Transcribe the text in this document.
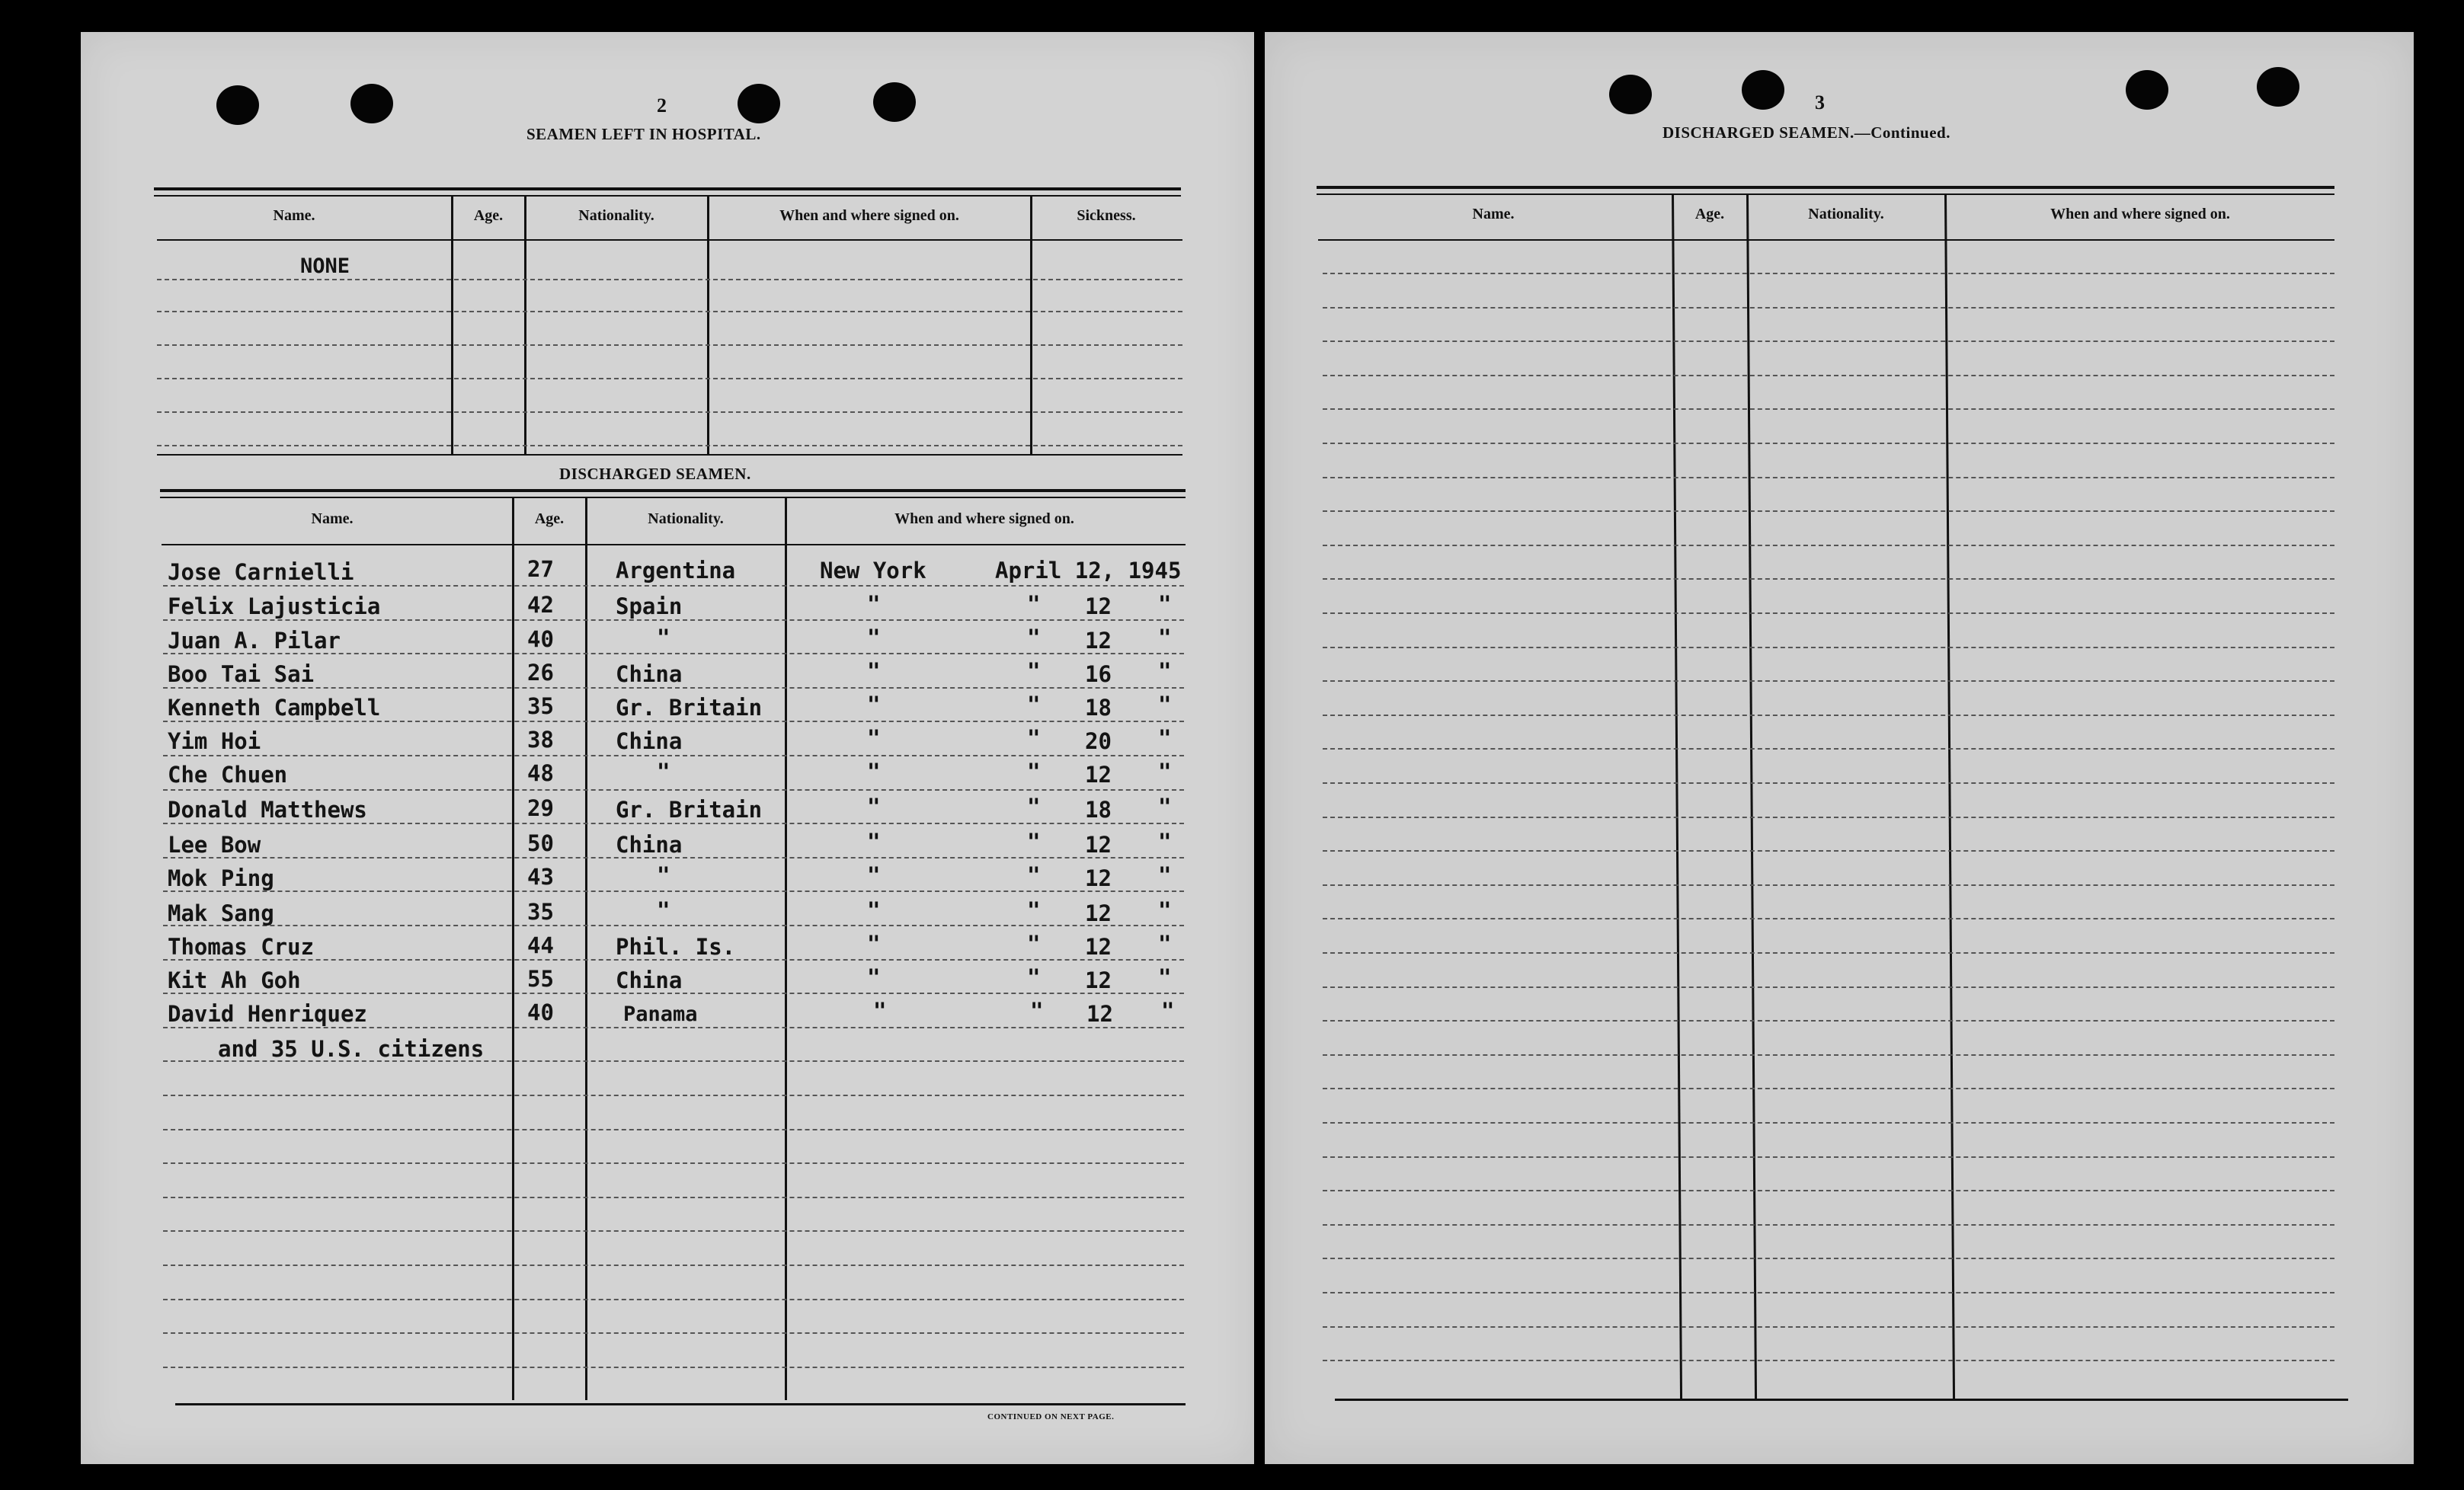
2
SEAMEN LEFT IN HOSPITAL.
Name.	Age.	Nationality.	When and where signed on.	Sickness.
NONE
DISCHARGED SEAMEN.
Name.	Age.	Nationality.	When and where signed on.
Jose Carnielli	27	Argentina	New York	April 12, 1945
Felix Lajusticia	42	Spain	"	" 12 "
Juan A. Pilar	40	"	"	" 12 "
Boo Tai Sai	26	China	"	" 16 "
Kenneth Campbell	35	Gr. Britain	"	" 18 "
Yim Hoi	38	China	"	" 20 "
Che Chuen	48	"	"	" 12 "
Donald Matthews	29	Gr. Britain	"	" 18 "
Lee Bow	50	China	"	" 12 "
Mok Ping	43	"	"	" 12 "
Mak Sang	35	"	"	" 12 "
Thomas Cruz	44	Phil. Is.	"	" 12 "
Kit Ah Goh	55	China	"	" 12 "
David Henriquez	40	Panama	"	" 12 "
and 35 U.S. citizens
CONTINUED ON NEXT PAGE.
3
DISCHARGED SEAMEN.—Continued.
Name.	Age.	Nationality.	When and where signed on.
